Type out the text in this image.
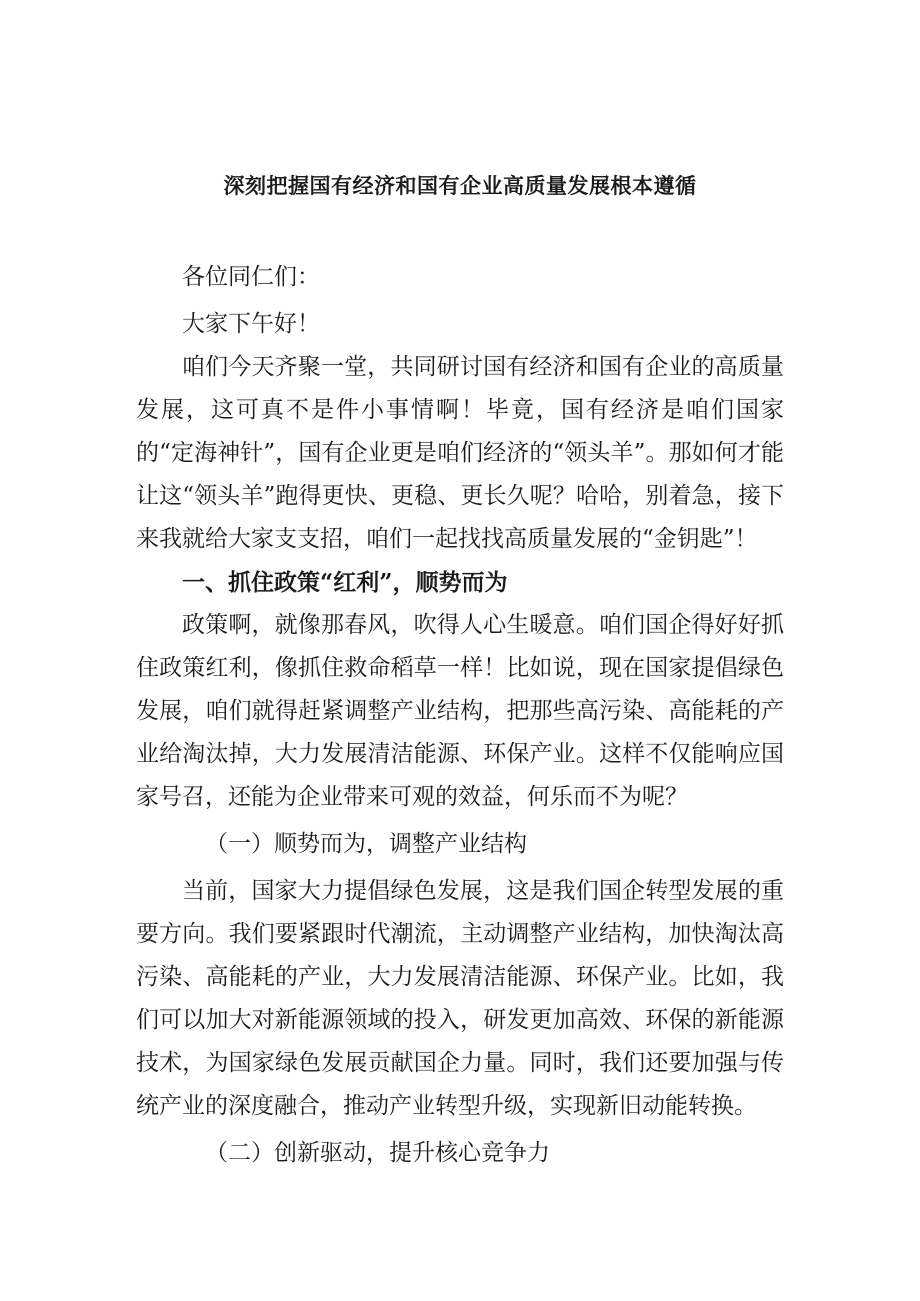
深刻把握国有经济和国有企业高质量发展根本遵循

各位同仁们：

大家下午好！

咱们今天齐聚一堂，共同研讨国有经济和国有企业的高质量发展，这可真不是件小事情啊！毕竟，国有经济是咱们国家的“定海神针”，国有企业更是咱们经济的“领头羊”。那如何才能让这“领头羊”跑得更快、更稳、更长久呢？哈哈，别着急，接下来我就给大家支支招，咱们一起找找高质量发展的“金钥匙”！

一、抓住政策“红利”，顺势而为

政策啊，就像那春风，吹得人心生暖意。咱们国企得好好抓住政策红利，像抓住救命稻草一样！比如说，现在国家提倡绿色发展，咱们就得赶紧调整产业结构，把那些高污染、高能耗的产业给淘汰掉，大力发展清洁能源、环保产业。这样不仅能响应国家号召，还能为企业带来可观的效益，何乐而不为呢？

（一）顺势而为，调整产业结构

当前，国家大力提倡绿色发展，这是我们国企转型发展的重要方向。我们要紧跟时代潮流，主动调整产业结构，加快淘汰高污染、高能耗的产业，大力发展清洁能源、环保产业。比如，我们可以加大对新能源领域的投入，研发更加高效、环保的新能源技术，为国家绿色发展贡献国企力量。同时，我们还要加强与传统产业的深度融合，推动产业转型升级，实现新旧动能转换。

（二）创新驱动，提升核心竞争力
